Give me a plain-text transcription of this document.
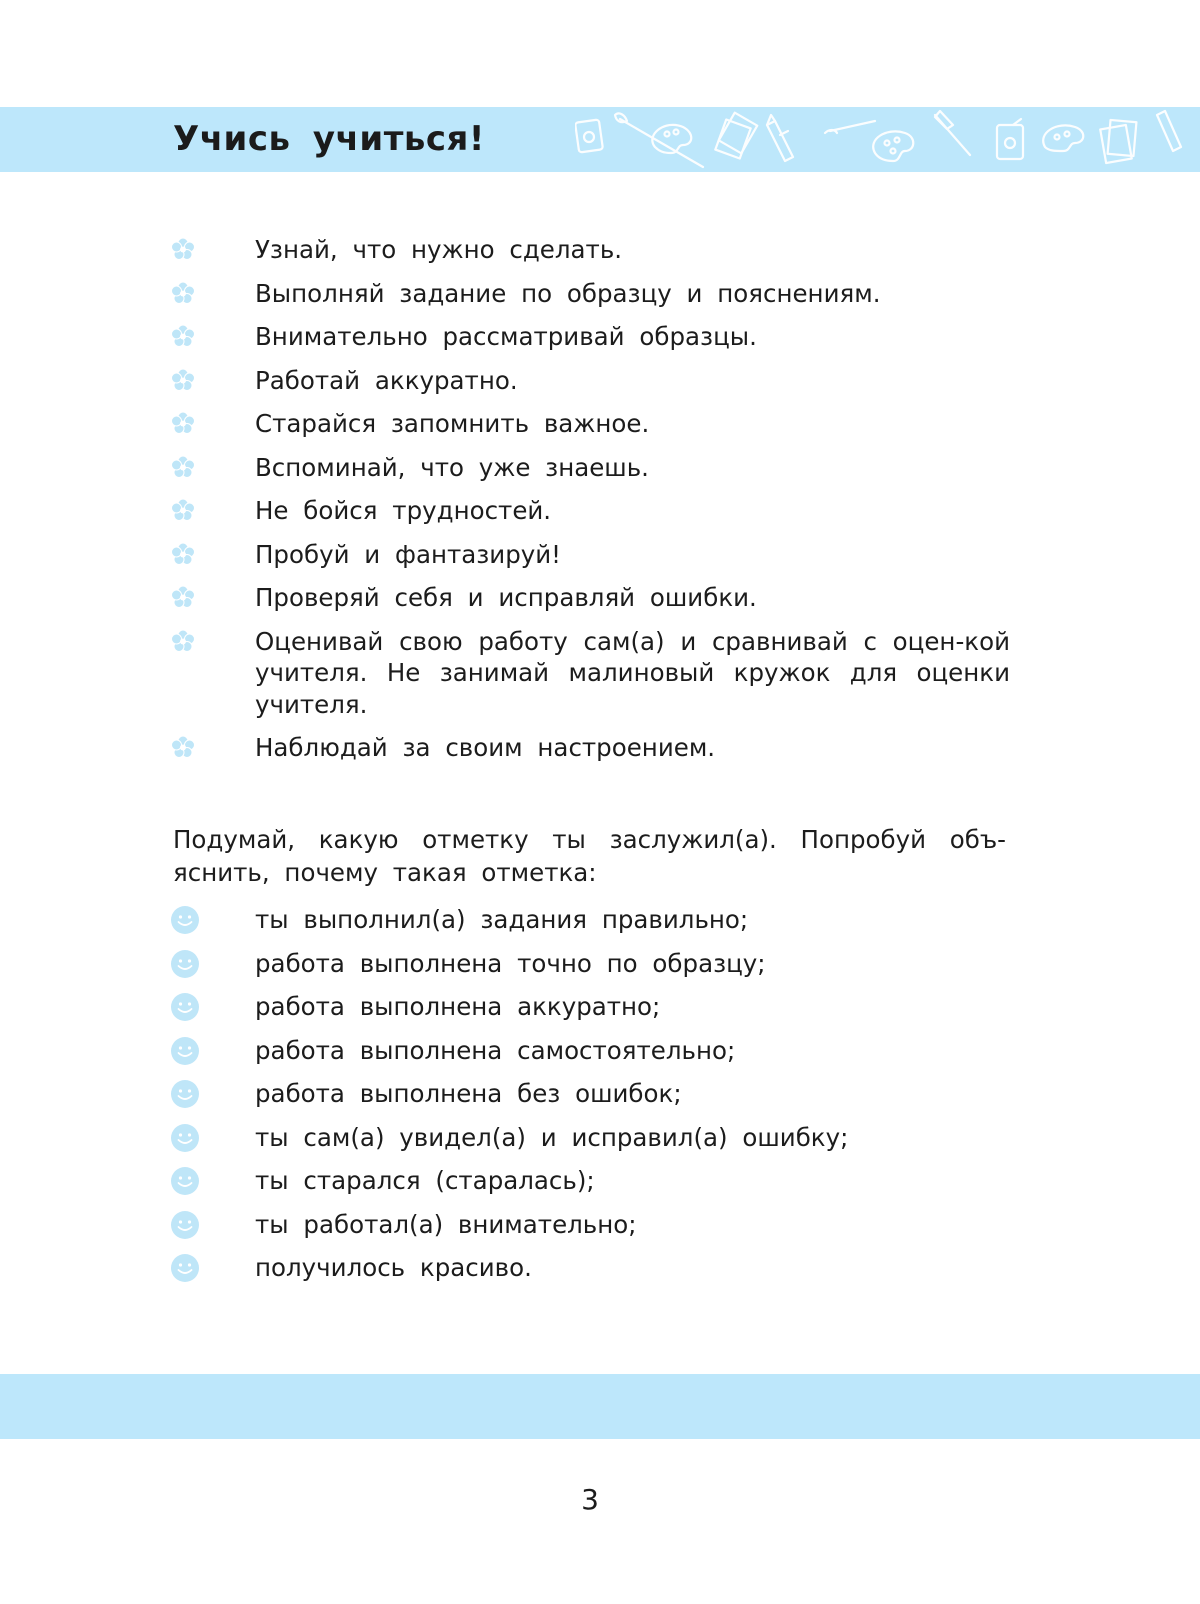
Учись учиться!
Узнай, что нужно сделать.
Выполняй задание по образцу и пояснениям.
Внимательно рассматривай образцы.
Работай аккуратно.
Старайся запомнить важное.
Вспоминай, что уже знаешь.
Не бойся трудностей.
Пробуй и фантазируй!
Проверяй себя и исправляй ошибки.
Оценивай свою работу сам(а) и сравнивай с оцен-кой учителя. Не занимай малиновый кружок для оценки учителя.
Наблюдай за своим настроением.

Подумай, какую отметку ты заслужил(а). Попробуй объ-яснить, почему такая отметка:

ты выполнил(а) задания правильно;
работа выполнена точно по образцу;
работа выполнена аккуратно;
работа выполнена самостоятельно;
работа выполнена без ошибок;
ты сам(а) увидел(а) и исправил(а) ошибку;
ты старался (старалась);
ты работал(а) внимательно;
получилось красиво.

3
